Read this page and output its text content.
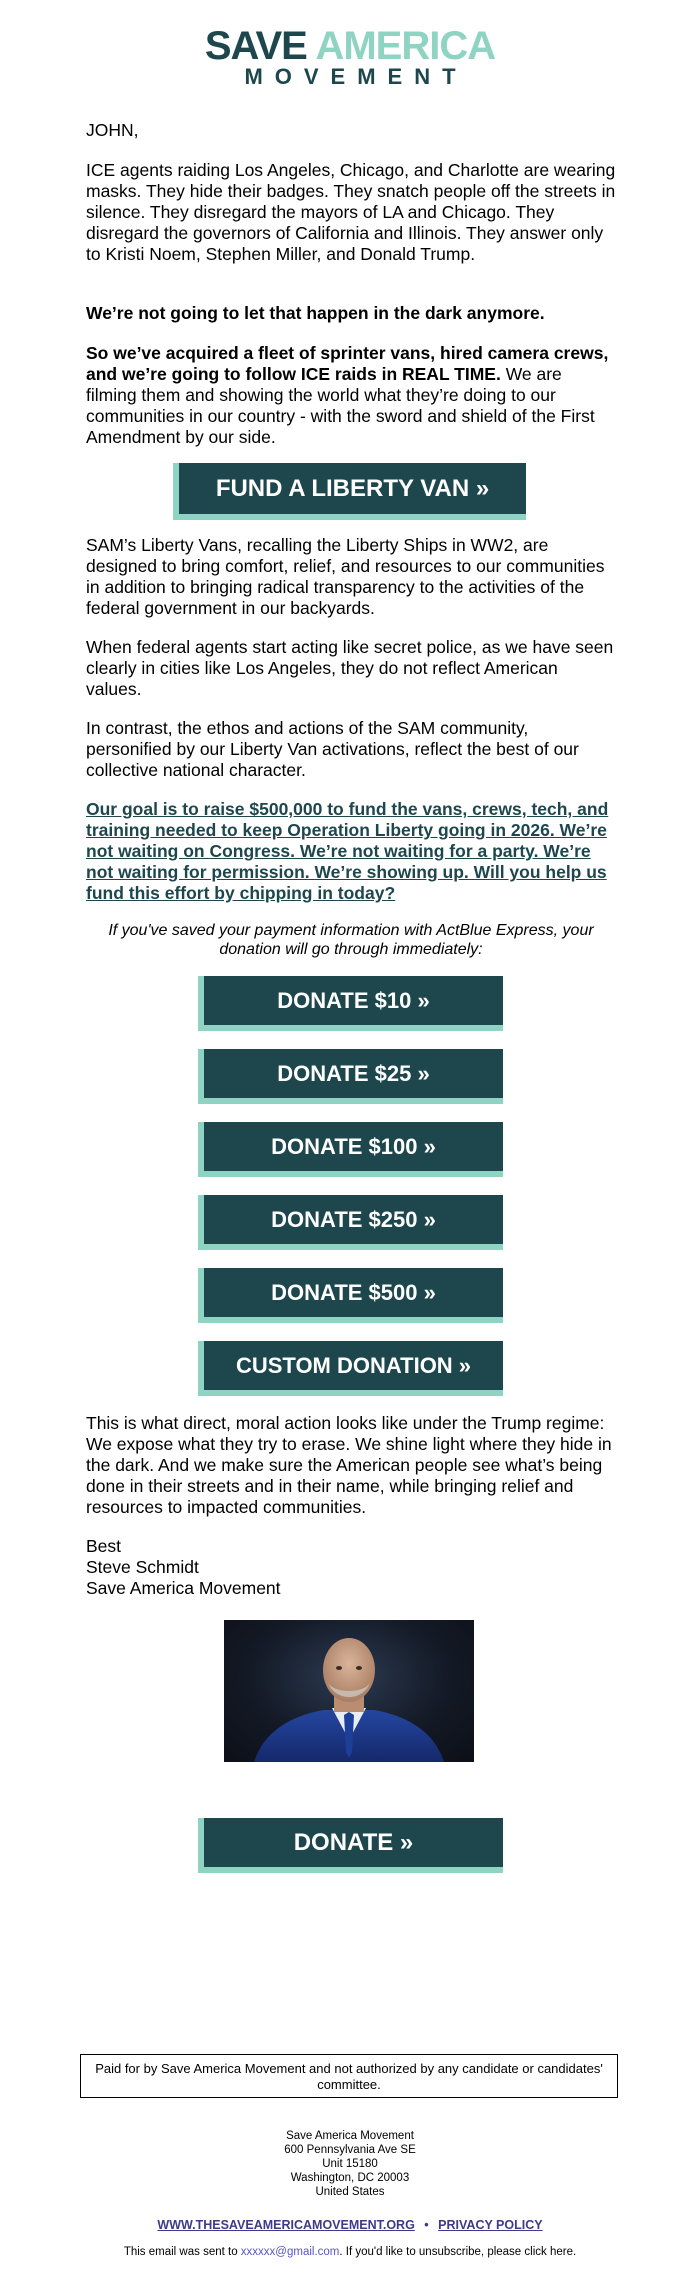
SAVE AMERICA
MOVEMENT
JOHN,
ICE agents raiding Los Angeles, Chicago, and Charlotte are wearing masks. They hide their badges. They snatch people off the streets in silence. They disregard the mayors of LA and Chicago. They disregard the governors of California and Illinois. They answer only to Kristi Noem, Stephen Miller, and Donald Trump.
We’re not going to let that happen in the dark anymore.
So we’ve acquired a fleet of sprinter vans, hired camera crews, and we’re going to follow ICE raids in REAL TIME. We are filming them and showing the world what they’re doing to our communities in our country - with the sword and shield of the First Amendment by our side.
FUND A LIBERTY VAN »
SAM’s Liberty Vans, recalling the Liberty Ships in WW2, are designed to bring comfort, relief, and resources to our communities in addition to bringing radical transparency to the activities of the federal government in our backyards.
When federal agents start acting like secret police, as we have seen clearly in cities like Los Angeles, they do not reflect American values.
In contrast, the ethos and actions of the SAM community, personified by our Liberty Van activations, reflect the best of our collective national character.
Our goal is to raise $500,000 to fund the vans, crews, tech, and training needed to keep Operation Liberty going in 2026. We’re not waiting on Congress. We’re not waiting for a party. We’re not waiting for permission. We’re showing up. Will you help us fund this effort by chipping in today?
If you've saved your payment information with ActBlue Express, your donation will go through immediately:
DONATE $10 »
DONATE $25 »
DONATE $100 »
DONATE $250 »
DONATE $500 »
CUSTOM DONATION »
This is what direct, moral action looks like under the Trump regime: We expose what they try to erase. We shine light where they hide in the dark. And we make sure the American people see what’s being done in their streets and in their name, while bringing relief and resources to impacted communities.
Best
Steve Schmidt
Save America Movement
DONATE »
Paid for by Save America Movement and not authorized by any candidate or candidates' committee.
Save America Movement
600 Pennsylvania Ave SE
Unit 15180
Washington, DC 20003
United States
WWW.THESAVEAMERICAMOVEMENT.ORG • PRIVACY POLICY
This email was sent to xxxxxx@gmail.com. If you'd like to unsubscribe, please click here.
